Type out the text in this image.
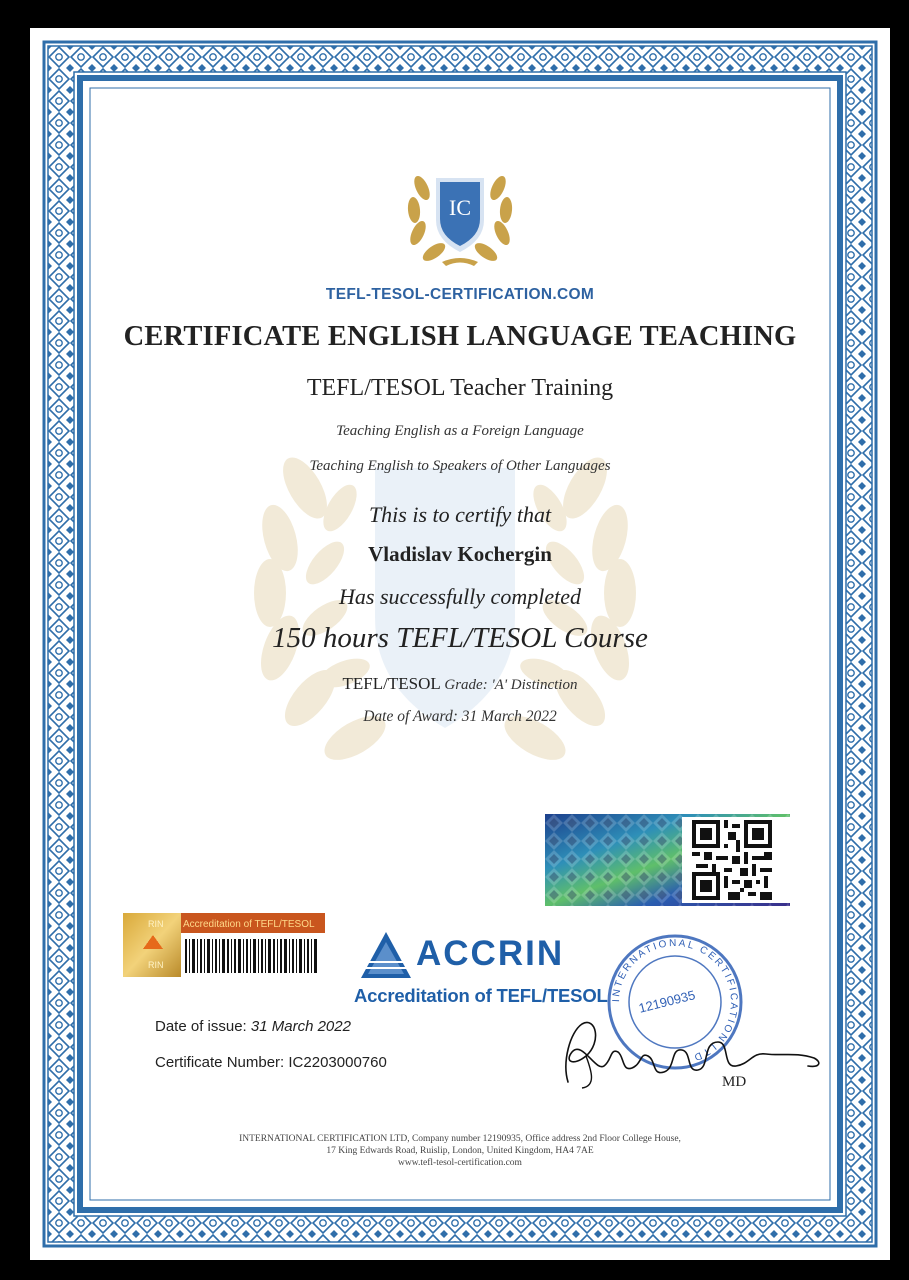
IC
TEFL-TESOL-CERTIFICATION.COM
CERTIFICATE ENGLISH LANGUAGE TEACHING
TEFL/TESOL Teacher Training
Teaching English as a Foreign Language
Teaching English to Speakers of Other Languages
This is to certify that
Vladislav Kochergin
Has successfully completed
150 hours TEFL/TESOL Course
TEFL/TESOL Grade: 'A' Distinction
Date of Award: 31 March 2022
Accreditation of TEFL/TESOL
RIN
RIN	ACCRIN
Accreditation of TEFL/TESOL
Date of issue: 31 March 2022
Certificate Number: IC2203000760
INTERNATIONAL CERTIFICATION LTD
12190935
MD
INTERNATIONAL CERTIFICATION LTD, Company number 12190935, Office address 2nd Floor College House,
17 King Edwards Road, Ruislip, London, United Kingdom, HA4 7AE
www.tefl-tesol-certification.com
